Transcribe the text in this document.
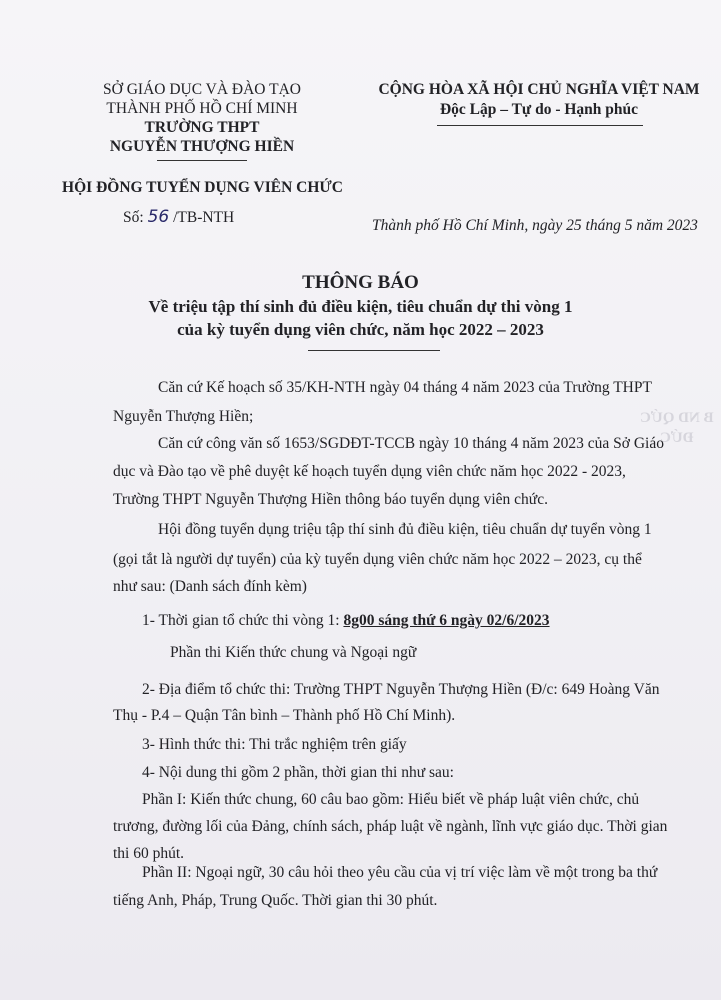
B ND QỨC
ĐỨC
SỞ GIÁO DỤC VÀ ĐÀO TẠO
THÀNH PHỐ HỒ CHÍ MINH
TRƯỜNG THPT
NGUYỄN THƯỢNG HIỀN
CỘNG HÒA XÃ HỘI CHỦ NGHĨA VIỆT NAM
Độc Lập – Tự do - Hạnh phúc
HỘI ĐỒNG TUYỂN DỤNG VIÊN CHỨC
Số: 56 /TB-NTH	Thành phố Hồ Chí Minh, ngày 25 tháng 5 năm 2023
THÔNG BÁO
Về triệu tập thí sinh đủ điều kiện, tiêu chuẩn dự thi vòng 1
của kỳ tuyển dụng viên chức, năm học 2022 – 2023
Căn cứ Kế hoạch số 35/KH-NTH ngày 04 tháng 4 năm 2023 của Trường THPT
Nguyễn Thượng Hiền;
Căn cứ công văn số 1653/SGDĐT-TCCB ngày 10 tháng 4 năm 2023 của Sở Giáo
dục và Đào tạo về phê duyệt kế hoạch tuyển dụng viên chức năm học 2022 - 2023,
Trường THPT Nguyễn Thượng Hiền thông báo tuyển dụng viên chức.
Hội đồng tuyển dụng triệu tập thí sinh đủ điều kiện, tiêu chuẩn dự tuyển vòng 1
(gọi tắt là người dự tuyển) của kỳ tuyển dụng viên chức năm học 2022 – 2023, cụ thể
như sau: (Danh sách đính kèm)
1- Thời gian tổ chức thi vòng 1: 8g00 sáng thứ 6 ngày 02/6/2023
Phần thi Kiến thức chung và Ngoại ngữ
2- Địa điểm tổ chức thi: Trường THPT Nguyễn Thượng Hiền (Đ/c: 649 Hoàng Văn
Thụ - P.4 – Quận Tân bình – Thành phố Hồ Chí Minh).
3- Hình thức thi: Thi trắc nghiệm trên giấy
4- Nội dung thi gồm 2 phần, thời gian thi như sau:
Phần I: Kiến thức chung, 60 câu bao gồm: Hiểu biết về pháp luật viên chức, chủ
trương, đường lối của Đảng, chính sách, pháp luật về ngành, lĩnh vực giáo dục. Thời gian
thi 60 phút.
Phần II: Ngoại ngữ, 30 câu hỏi theo yêu cầu của vị trí việc làm về một trong ba thứ
tiếng Anh, Pháp, Trung Quốc. Thời gian thi 30 phút.
